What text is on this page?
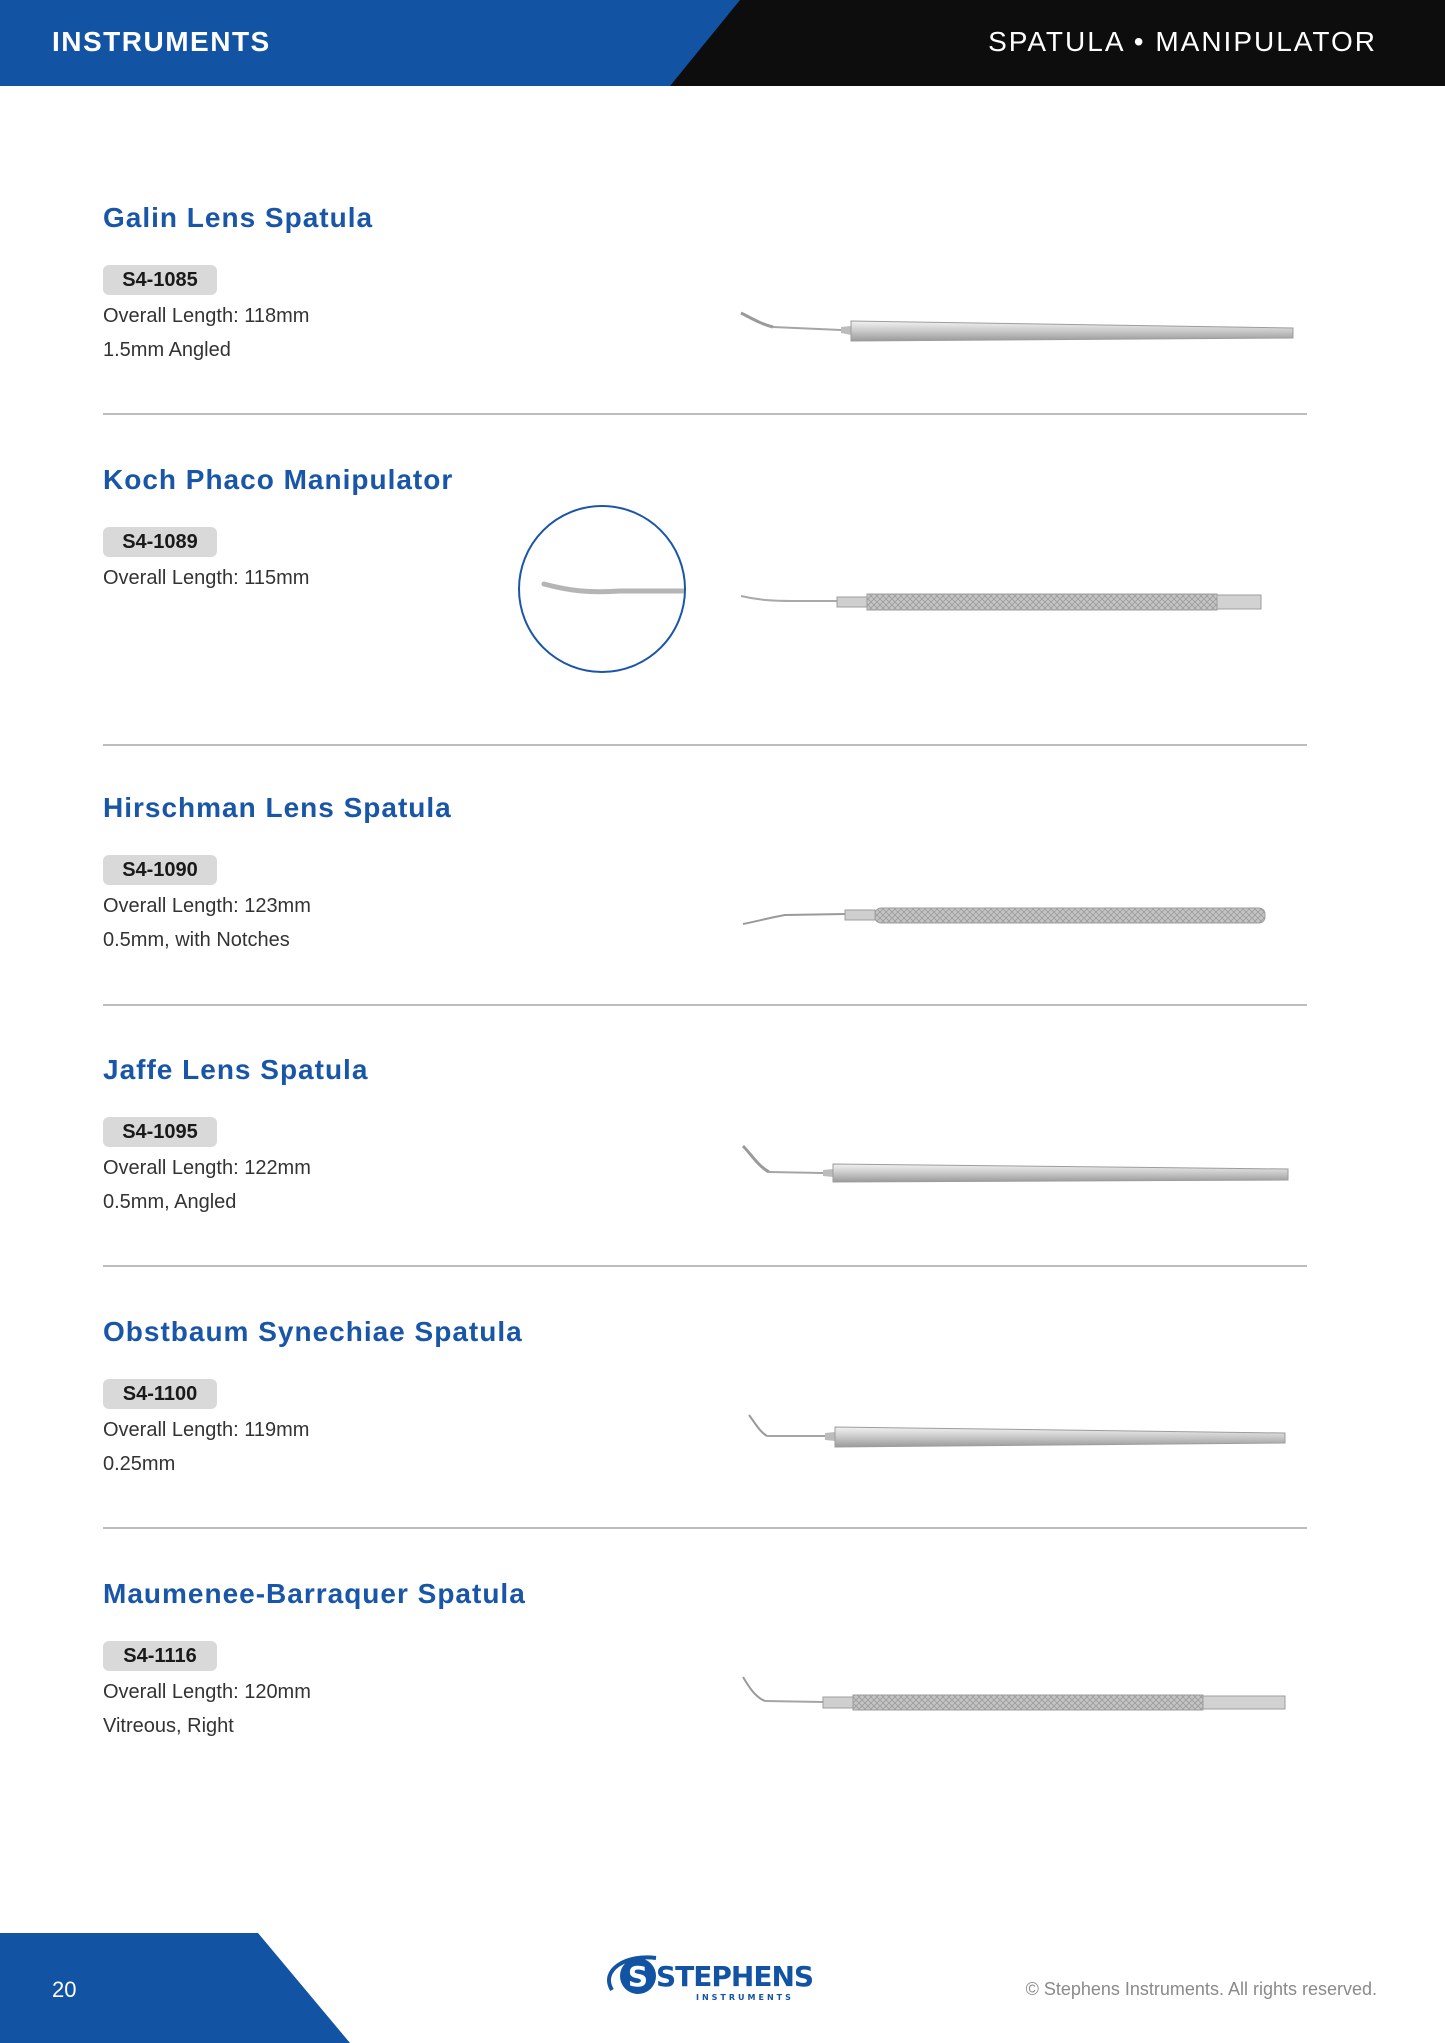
INSTRUMENTS	SPATULA • MANIPULATOR
Galin Lens Spatula
S4-1085
Overall Length: 118mm
1.5mm Angled
Koch Phaco Manipulator
S4-1089
Overall Length: 115mm
Hirschman Lens Spatula
S4-1090
Overall Length: 123mm
0.5mm, with Notches
Jaffe Lens Spatula
S4-1095
Overall Length: 122mm
0.5mm, Angled
Obstbaum Synechiae Spatula
S4-1100
Overall Length: 119mm
0.25mm
Maumenee-Barraquer Spatula
S4-1116
Overall Length: 120mm
Vitreous, Right
20	S STEPHENS
INSTRUMENTS	© Stephens Instruments. All rights reserved.
